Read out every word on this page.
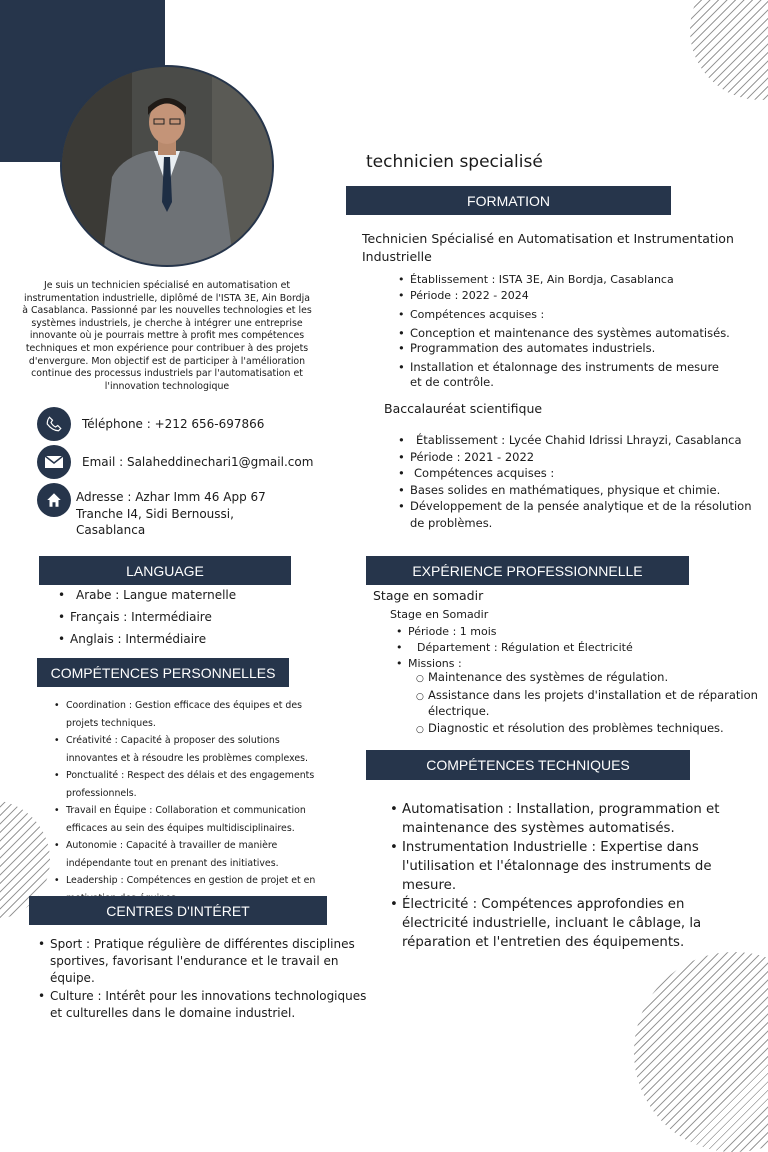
Je suis un technicien spécialisé en automatisation et instrumentation industrielle, diplômé de l'ISTA 3E, Ain Bordja à Casablanca. Passionné par les nouvelles technologies et les systèmes industriels, je cherche à intégrer une entreprise innovante où je pourrais mettre à profit mes compétences techniques et mon expérience pour contribuer à des projets d'envergure. Mon objectif est de participer à l'amélioration continue des processus industriels par l'automatisation et l'innovation technologique
Téléphone : +212 656-697866
Email : Salaheddinechari1@gmail.com
Adresse : Azhar Imm 46 App 67 Tranche I4, Sidi Bernoussi, Casablanca
LANGUAGE
• Arabe : Langue maternelle
• Français : Intermédiaire
• Anglais : Intermédiaire
COMPÉTENCES PERSONNELLES
• Coordination : Gestion efficace des équipes et des projets techniques.
• Créativité : Capacité à proposer des solutions innovantes et à résoudre les problèmes complexes.
• Ponctualité : Respect des délais et des engagements professionnels.
• Travail en Équipe : Collaboration et communication efficaces au sein des équipes multidisciplinaires.
• Autonomie : Capacité à travailler de manière indépendante tout en prenant des initiatives.
• Leadership : Compétences en gestion de projet et en
CENTRES D'INTÉRET
• Sport : Pratique régulière de différentes disciplines sportives, favorisant l'endurance et le travail en équipe.
• Culture : Intérêt pour les innovations technologiques et culturelles dans le domaine industriel.
technicien specialisé
FORMATION
Technicien Spécialisé en Automatisation et Instrumentation Industrielle
• Établissement : ISTA 3E, Ain Bordja, Casablanca
• Période : 2022 - 2024
• Compétences acquises :
• Conception et maintenance des systèmes automatisés.
• Programmation des automates industriels.
• Installation et étalonnage des instruments de mesure et de contrôle.
Baccalauréat scientifique
• Établissement : Lycée Chahid Idrissi Lhrayzi, Casablanca
• Période : 2021 - 2022
• Compétences acquises :
• Bases solides en mathématiques, physique et chimie.
• Développement de la pensée analytique et de la résolution de problèmes.
EXPÉRIENCE PROFESSIONNELLE
Stage en somadir
Stage en Somadir
• Période : 1 mois
• Département : Régulation et Électricité
• Missions :
○ Maintenance des systèmes de régulation.
○ Assistance dans les projets d'installation et de réparation électrique.
○ Diagnostic et résolution des problèmes techniques.
COMPÉTENCES TECHNIQUES
• Automatisation : Installation, programmation et maintenance des systèmes automatisés.
• Instrumentation Industrielle : Expertise dans l'utilisation et l'étalonnage des instruments de mesure.
• Électricité : Compétences approfondies en électricité industrielle, incluant le câblage, la réparation et l'entretien des équipements.
